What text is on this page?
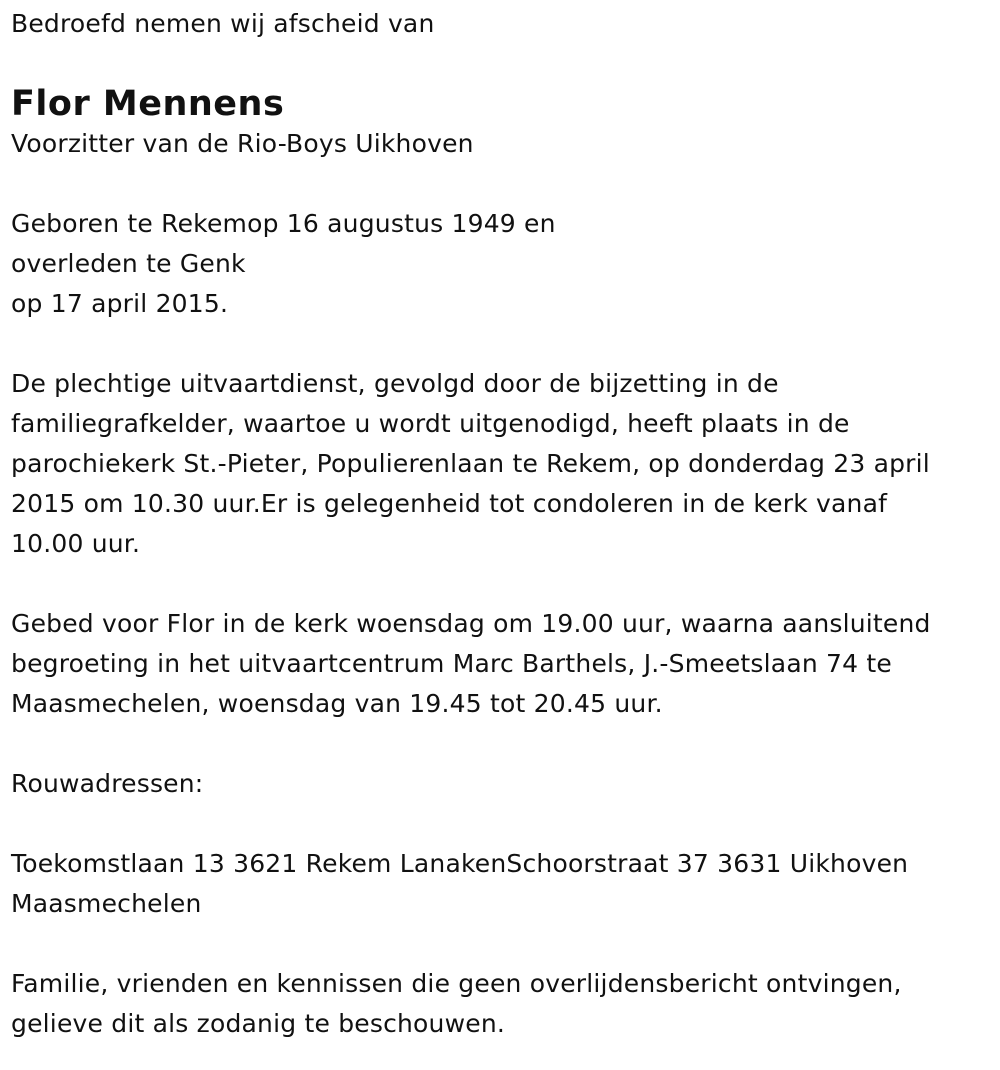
Bedroefd nemen wij afscheid van

Flor Mennens

Voorzitter van de Rio-Boys Uikhoven

Geboren te Rekemop 16 augustus 1949 en
overleden te Genk
op 17 april 2015.

De plechtige uitvaartdienst, gevolgd door de bijzetting in de
familiegrafkelder, waartoe u wordt uitgenodigd, heeft plaats in de
parochiekerk St.-Pieter, Populierenlaan te Rekem, op donderdag 23 april
2015 om 10.30 uur.Er is gelegenheid tot condoleren in de kerk vanaf
10.00 uur.

Gebed voor Flor in de kerk woensdag om 19.00 uur, waarna aansluitend
begroeting in het uitvaartcentrum Marc Barthels, J.-Smeetslaan 74 te
Maasmechelen, woensdag van 19.45 tot 20.45 uur.

Rouwadressen:

Toekomstlaan 13 3621 Rekem LanakenSchoorstraat 37 3631 Uikhoven
Maasmechelen

Familie, vrienden en kennissen die geen overlijdensbericht ontvingen,
gelieve dit als zodanig te beschouwen.
